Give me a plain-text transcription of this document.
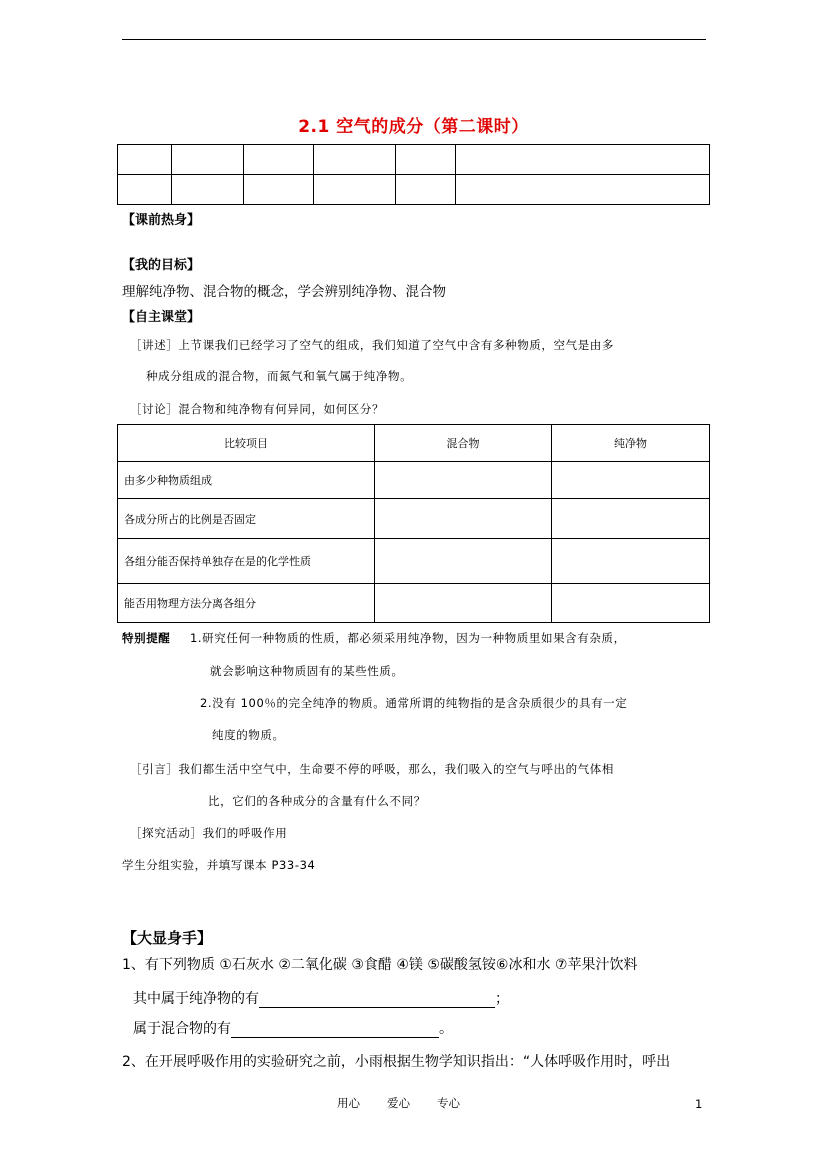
2.1 空气的成分（第二课时）

【课前热身】
【我的目标】
理解纯净物、混合物的概念，学会辨别纯净物、混合物
【自主课堂】
［讲述］上节课我们已经学习了空气的组成，我们知道了空气中含有多种物质，空气是由多
种成分组成的混合物，而氮气和氧气属于纯净物。
［讨论］混合物和纯净物有何异同，如何区分？
比较项目	混合物	纯净物
由多少种物质组成		
各成分所占的比例是否固定		
各组分能否保持单独存在是的化学性质		
能否用物理方法分离各组分		
特别提醒 1.研究任何一种物质的性质，都必须采用纯净物，因为一种物质里如果含有杂质，
就会影响这种物质固有的某些性质。
2.没有 100％的完全纯净的物质。通常所谓的纯物指的是含杂质很少的具有一定
纯度的物质。
［引言］我们都生活中空气中，生命要不停的呼吸，那么，我们吸入的空气与呼出的气体相
比，它们的各种成分的含量有什么不同？
［探究活动］我们的呼吸作用
学生分组实验，并填写课本 P33-34
【大显身手】
1、有下列物质 ①石灰水 ②二氧化碳 ③食醋 ④镁 ⑤碳酸氢铵⑥冰和水 ⑦苹果汁饮料
其中属于纯净物的有	；
属于混合物的有	。
2、在开展呼吸作用的实验研究之前，小雨根据生物学知识指出：“人体呼吸作用时，呼出
用心 爱心 专心	1
